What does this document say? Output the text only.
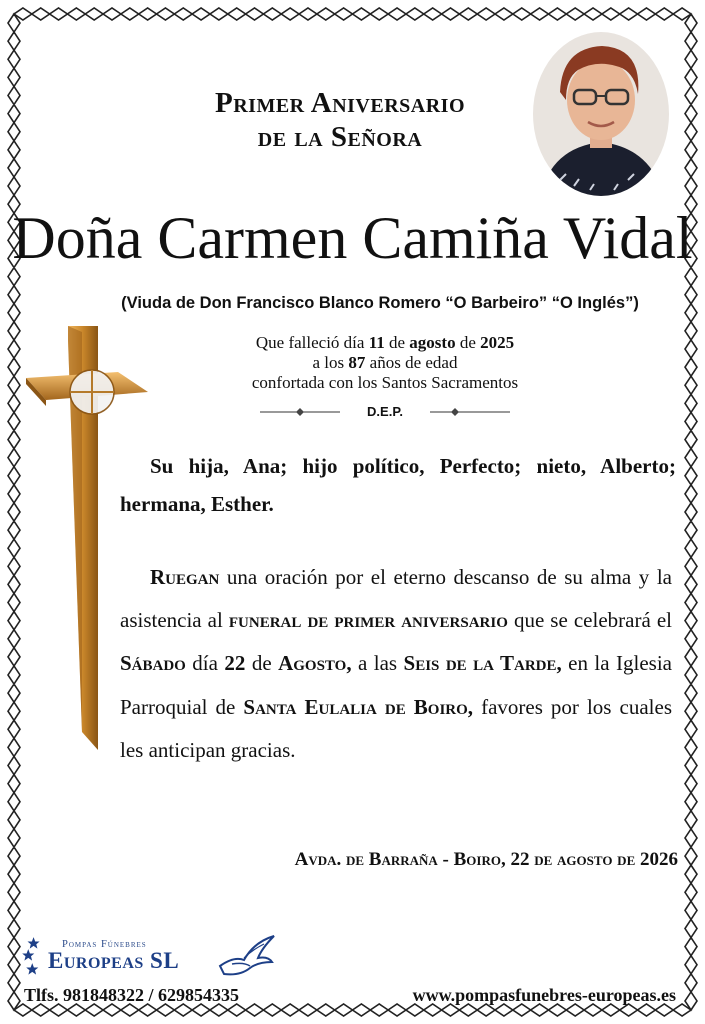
Primer Aniversario
de la Señora
Doña Carmen Camiña Vidal
(Viuda de Don Francisco Blanco Romero “O Barbeiro” “O Inglés”)
Que falleció día 11 de agosto de 2025
a los 87 años de edad
confortada con los Santos Sacramentos
D.E.P.
Su hija, Ana; hijo político, Perfecto; nieto, Alberto; hermana, Esther.
Ruegan una oración por el eterno descanso de su alma y la asistencia al funeral de primer aniversario que se celebrará el Sábado día 22 de Agosto, a las Seis de la Tarde, en la Iglesia Parroquial de Santa Eulalia de Boiro, favores por los cuales les anticipan gracias.
Avda. de Barraña - Boiro, 22 de agosto de 2026
Pompas Fúnebres
Europeas SL
Tlfs. 981848322 / 629854335	www.pompasfunebres-europeas.es
